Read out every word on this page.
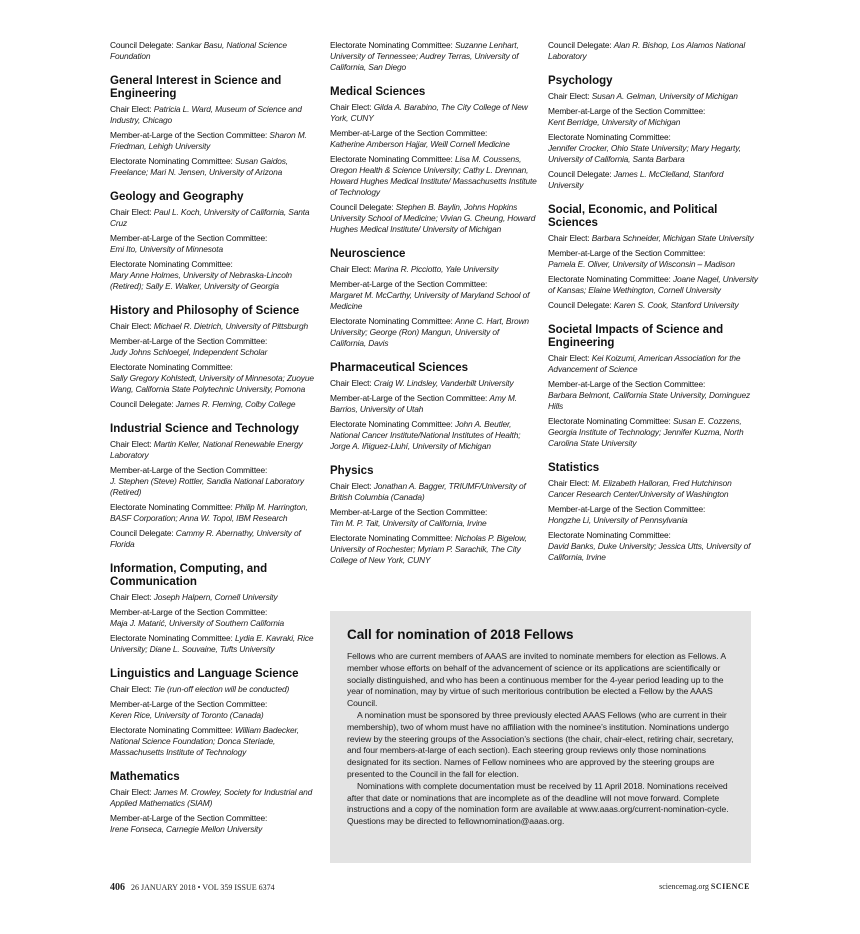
Council Delegate: Sankar Basu, National Science Foundation
General Interest in Science and Engineering
Chair Elect: Patricia L. Ward, Museum of Science and Industry, Chicago
Member-at-Large of the Section Committee: Sharon M. Friedman, Lehigh University
Electorate Nominating Committee: Susan Gaidos, Freelance; Mari N. Jensen, University of Arizona
Geology and Geography
Chair Elect: Paul L. Koch, University of California, Santa Cruz
Member-at-Large of the Section Committee:
Emi Ito, University of Minnesota
Electorate Nominating Committee:
Mary Anne Holmes, University of Nebraska-Lincoln (Retired); Sally E. Walker, University of Georgia
History and Philosophy of Science
Chair Elect: Michael R. Dietrich, University of Pittsburgh
Member-at-Large of the Section Committee:
Judy Johns Schloegel, Independent Scholar
Electorate Nominating Committee:
Sally Gregory Kohlstedt, University of Minnesota; Zuoyue Wang, California State Polytechnic University, Pomona
Council Delegate: James R. Fleming, Colby College
Industrial Science and Technology
Chair Elect: Martin Keller, National Renewable Energy Laboratory
Member-at-Large of the Section Committee:
J. Stephen (Steve) Rottler, Sandia National Laboratory (Retired)
Electorate Nominating Committee: Philip M. Harrington, BASF Corporation; Anna W. Topol, IBM Research
Council Delegate: Cammy R. Abernathy, University of Florida
Information, Computing, and Communication
Chair Elect: Joseph Halpern, Cornell University
Member-at-Large of the Section Committee:
Maja J. Matarić, University of Southern California
Electorate Nominating Committee: Lydia E. Kavraki, Rice University; Diane L. Souvaine, Tufts University
Linguistics and Language Science
Chair Elect: Tie (run-off election will be conducted)
Member-at-Large of the Section Committee:
Keren Rice, University of Toronto (Canada)
Electorate Nominating Committee: William Badecker, National Science Foundation; Donca Steriade, Massachusetts Institute of Technology
Mathematics
Chair Elect: James M. Crowley, Society for Industrial and Applied Mathematics (SIAM)
Member-at-Large of the Section Committee:
Irene Fonseca, Carnegie Mellon University
Electorate Nominating Committee: Suzanne Lenhart, University of Tennessee; Audrey Terras, University of California, San Diego
Medical Sciences
Chair Elect: Gilda A. Barabino, The City College of New York, CUNY
Member-at-Large of the Section Committee:
Katherine Amberson Hajjar, Weill Cornell Medicine
Electorate Nominating Committee: Lisa M. Coussens, Oregon Health & Science University; Cathy L. Drennan, Howard Hughes Medical Institute/ Massachusetts Institute of Technology
Council Delegate: Stephen B. Baylin, Johns Hopkins University School of Medicine; Vivian G. Cheung, Howard Hughes Medical Institute/ University of Michigan
Neuroscience
Chair Elect: Marina R. Picciotto, Yale University
Member-at-Large of the Section Committee:
Margaret M. McCarthy, University of Maryland School of Medicine
Electorate Nominating Committee: Anne C. Hart, Brown University; George (Ron) Mangun, University of California, Davis
Pharmaceutical Sciences
Chair Elect: Craig W. Lindsley, Vanderbilt University
Member-at-Large of the Section Committee: Amy M. Barrios, University of Utah
Electorate Nominating Committee: John A. Beutler, National Cancer Institute/National Institutes of Health; Jorge A. Iñiguez-Lluhí, University of Michigan
Physics
Chair Elect: Jonathan A. Bagger, TRIUMF/University of British Columbia (Canada)
Member-at-Large of the Section Committee:
Tim M. P. Tait, University of California, Irvine
Electorate Nominating Committee: Nicholas P. Bigelow, University of Rochester; Myriam P. Sarachik, The City College of New York, CUNY
Council Delegate: Alan R. Bishop, Los Alamos National Laboratory
Psychology
Chair Elect: Susan A. Gelman, University of Michigan
Member-at-Large of the Section Committee:
Kent Berridge, University of Michigan
Electorate Nominating Committee:
Jennifer Crocker, Ohio State University; Mary Hegarty, University of California, Santa Barbara
Council Delegate: James L. McClelland, Stanford University
Social, Economic, and Political Sciences
Chair Elect: Barbara Schneider, Michigan State University
Member-at-Large of the Section Committee:
Pamela E. Oliver, University of Wisconsin – Madison
Electorate Nominating Committee: Joane Nagel, University of Kansas; Elaine Wethington, Cornell University
Council Delegate: Karen S. Cook, Stanford University
Societal Impacts of Science and Engineering
Chair Elect: Kei Koizumi, American Association for the Advancement of Science
Member-at-Large of the Section Committee:
Barbara Belmont, California State University, Dominguez Hills
Electorate Nominating Committee: Susan E. Cozzens, Georgia Institute of Technology; Jennifer Kuzma, North Carolina State University
Statistics
Chair Elect: M. Elizabeth Halloran, Fred Hutchinson Cancer Research Center/University of Washington
Member-at-Large of the Section Committee:
Hongzhe Li, University of Pennsylvania
Electorate Nominating Committee:
David Banks, Duke University; Jessica Utts, University of California, Irvine
Call for nomination of 2018 Fellows

Fellows who are current members of AAAS are invited to nominate members for election as Fellows. A member whose efforts on behalf of the advancement of science or its applications are scientifically or socially distinguished, and who has been a continuous member for the 4-year period leading up to the year of nomination, may by virtue of such meritorious contribution be elected a Fellow by the AAAS Council.

A nomination must be sponsored by three previously elected AAAS Fellows (who are current in their membership), two of whom must have no affiliation with the nominee’s institution. Nominations undergo review by the steering groups of the Association’s sections (the chair, chair-elect, retiring chair, secretary, and four members-at-large of each section). Each steering group reviews only those nominations designated for its section. Names of Fellow nominees who are approved by the steering groups are presented to the Council in the fall for election.

Nominations with complete documentation must be received by 11 April 2018. Nominations received after that date or nominations that are incomplete as of the deadline will not move forward. Complete instructions and a copy of the nomination form are available at www.aaas.org/current-nomination-cycle. Questions may be directed to fellownomination@aaas.org.

406 26 JANUARY 2018 • VOL 359 ISSUE 6374	sciencemag.org SCIENCE
